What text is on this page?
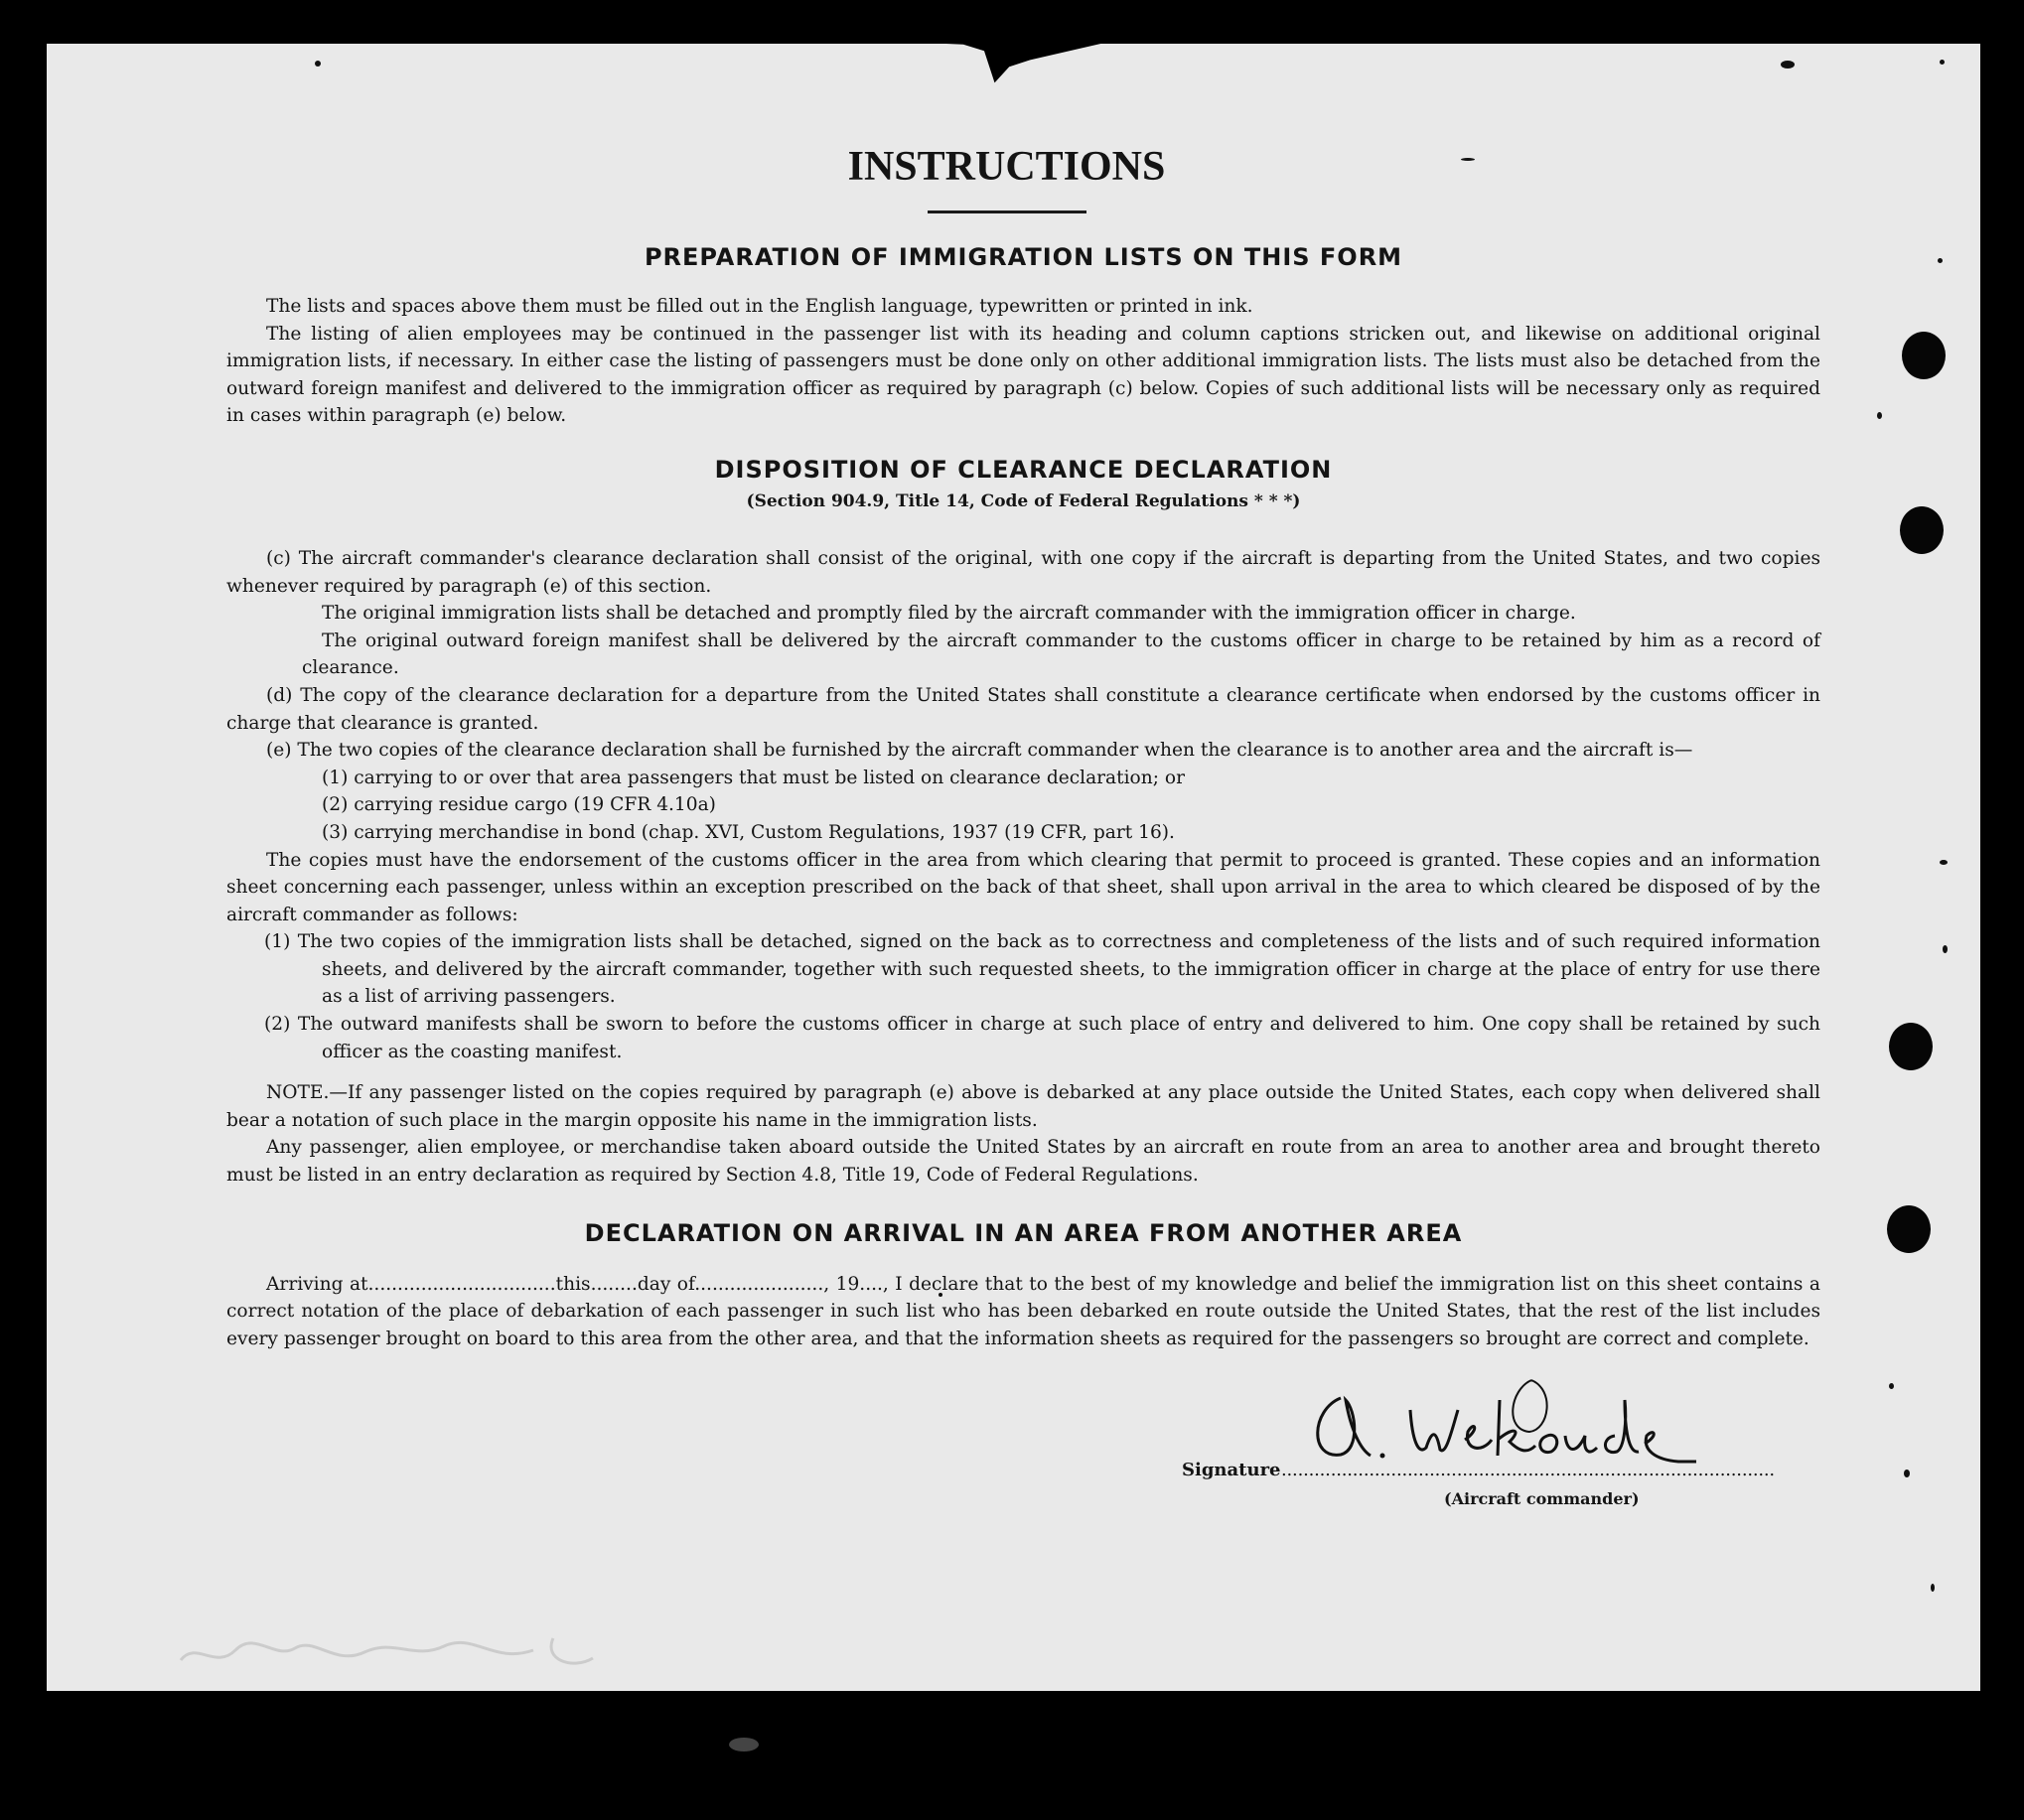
INSTRUCTIONS
PREPARATION OF IMMIGRATION LISTS ON THIS FORM

The lists and spaces above them must be filled out in the English language, typewritten or printed in ink.

The listing of alien employees may be continued in the passenger list with its heading and column captions stricken out, and likewise on additional original immigration lists, if necessary. In either case the listing of passengers must be done only on other additional immigration lists. The lists must also be detached from the outward foreign manifest and delivered to the immigration officer as required by paragraph (c) below. Copies of such additional lists will be necessary only as required in cases within paragraph (e) below.

DISPOSITION OF CLEARANCE DECLARATION
(Section 904.9, Title 14, Code of Federal Regulations * * *)

(c) The aircraft commander's clearance declaration shall consist of the original, with one copy if the aircraft is departing from the United States, and two copies whenever required by paragraph (e) of this section.

The original immigration lists shall be detached and promptly filed by the aircraft commander with the immigration officer in charge.

The original outward foreign manifest shall be delivered by the aircraft commander to the customs officer in charge to be retained by him as a record of clearance.

(d) The copy of the clearance declaration for a departure from the United States shall constitute a clearance certificate when endorsed by the customs officer in charge that clearance is granted.

(e) The two copies of the clearance declaration shall be furnished by the aircraft commander when the clearance is to another area and the aircraft is—

(1) carrying to or over that area passengers that must be listed on clearance declaration; or

(2) carrying residue cargo (19 CFR 4.10a)

(3) carrying merchandise in bond (chap. XVI, Custom Regulations, 1937 (19 CFR, part 16).

The copies must have the endorsement of the customs officer in the area from which clearing that permit to proceed is granted. These copies and an information sheet concerning each passenger, unless within an exception prescribed on the back of that sheet, shall upon arrival in the area to which cleared be disposed of by the aircraft commander as follows:

(1) The two copies of the immigration lists shall be detached, signed on the back as to correctness and completeness of the lists and of such required information sheets, and delivered by the aircraft commander, together with such requested sheets, to the immigration officer in charge at the place of entry for use there as a list of arriving passengers.

(2) The outward manifests shall be sworn to before the customs officer in charge at such place of entry and delivered to him. One copy shall be retained by such officer as the coasting manifest.

NOTE.—If any passenger listed on the copies required by paragraph (e) above is debarked at any place outside the United States, each copy when delivered shall bear a notation of such place in the margin opposite his name in the immigration lists.

Any passenger, alien employee, or merchandise taken aboard outside the United States by an aircraft en route from an area to another area and brought thereto must be listed in an entry declaration as required by Section 4.8, Title 19, Code of Federal Regulations.

DECLARATION ON ARRIVAL IN AN AREA FROM ANOTHER AREA

Arriving at................................this........day of......................, 19...., I declare that to the best of my knowledge and belief the immigration list on this sheet contains a correct notation of the place of debarkation of each passenger in such list who has been debarked en route outside the United States, that the rest of the list includes every passenger brought on board to this area from the other area, and that the information sheets as required for the passengers so brought are correct and complete.

Signature ..........................................................................................
(Aircraft commander)
